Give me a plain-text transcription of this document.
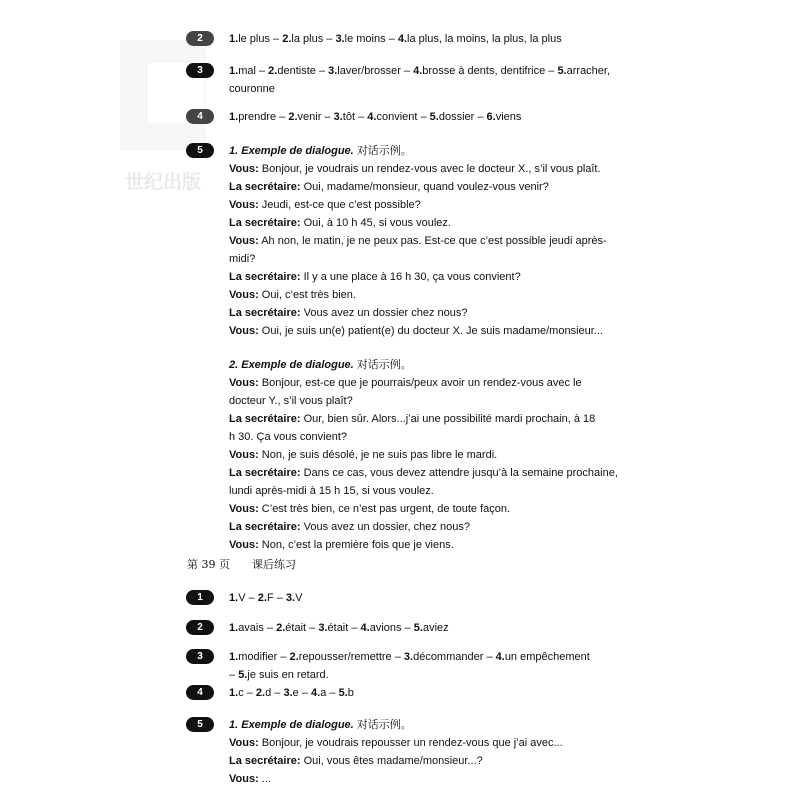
世纪出版
2	1.le plus – 2.la plus – 3.le moins – 4.la plus, la moins, la plus, la plus
3	1.mal – 2.dentiste – 3.laver/brosser – 4.brosse à dents, dentifrice – 5.arracher,
couronne
4	1.prendre – 2.venir – 3.tôt – 4.convient – 5.dossier – 6.viens
5	1. Exemple de dialogue. 对话示例。
Vous: Bonjour, je voudrais un rendez-vous avec le docteur X., s’il vous plaît.
La secrétaire: Oui, madame/monsieur, quand voulez-vous venir?
Vous: Jeudi, est-ce que c’est possible?
La secrétaire: Oui, à 10 h 45, si vous voulez.
Vous: Ah non, le matin, je ne peux pas. Est-ce que c’est possible jeudi après-
midi?
La secrétaire: Il y a une place à 16 h 30, ça vous convient?
Vous: Oui, c’est très bien.
La secrétaire: Vous avez un dossier chez nous?
Vous: Oui, je suis un(e) patient(e) du docteur X. Je suis madame/monsieur...
2. Exemple de dialogue. 对话示例。
Vous: Bonjour, est-ce que je pourrais/peux avoir un rendez-vous avec le
docteur Y., s’il vous plaît?
La secrétaire: Our, bien sûr. Alors...j’ai une possibilité mardi prochain, à 18
h 30. Ça vous convient?
Vous: Non, je suis désolé, je ne suis pas libre le mardi.
La secrétaire: Dans ce cas, vous devez attendre jusqu’à la semaine prochaine,
lundi après-midi à 15 h 15, si vous voulez.
Vous: C’est très bien, ce n’est pas urgent, de toute façon.
La secrétaire: Vous avez un dossier, chez nous?
Vous: Non, c’est la première fois que je viens.
第 39 页 课后练习
1	1.V – 2.F – 3.V
2	1.avais – 2.était – 3.était – 4.avions – 5.aviez
3	1.modifier – 2.repousser/remettre – 3.décommander – 4.un empêchement
– 5.je suis en retard.
4	1.c – 2.d – 3.e – 4.a – 5.b
5	1. Exemple de dialogue. 对话示例。
Vous: Bonjour, je voudrais repousser un rendez-vous que j’ai avec...
La secrétaire: Oui, vous êtes madame/monsieur...?
Vous: ...
